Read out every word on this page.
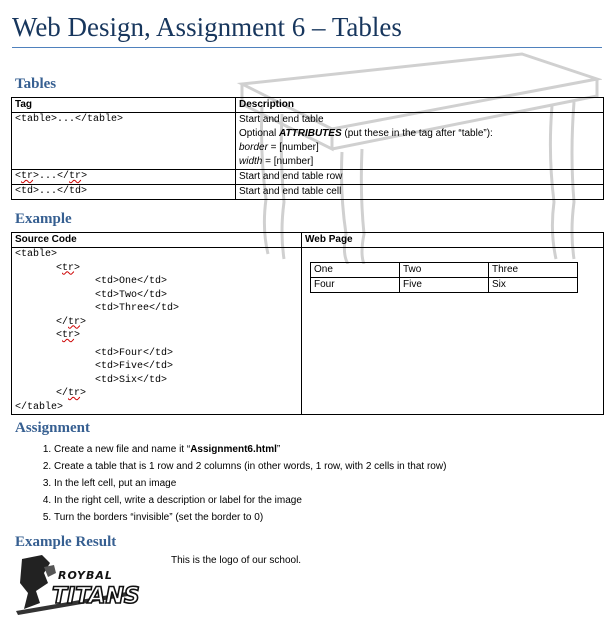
Web Design, Assignment 6 – Tables
Tables
Tag	Description
<table>...</table>	Start and end table
Optional ATTRIBUTES (put these in the tag after “table”):
border = [number]
width = [number]

<tr>...</tr>	Start and end table row
<td>...</td>	Start and end table cell
Example
Source Code	Web Page

<table>
<tr>
<td>One</td>
<td>Two</td>
<td>Three</td>
</tr>
<tr>
<td>Four</td>
<td>Five</td>
<td>Six</td>
</tr>
</table>

One	Two	Three
Four	Five	Six
Assignment
1. Create a new file and name it “Assignment6.html”
2. Create a table that is 1 row and 2 columns (in other words, 1 row, with 2 cells in that row)
3. In the left cell, put an image
4. In the right cell, write a description or label for the image
5. Turn the borders “invisible” (set the border to 0)
Example Result
ROYBAL
TITANS
This is the logo of our school.
